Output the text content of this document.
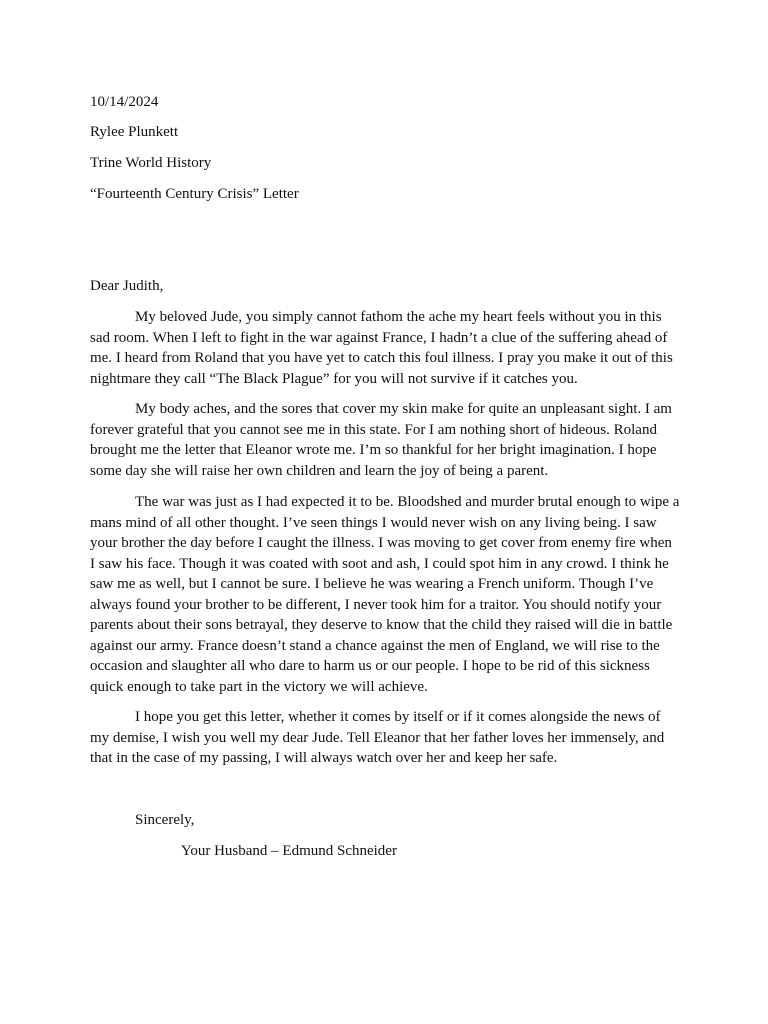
10/14/2024

Rylee Plunkett

Trine World History

“Fourteenth Century Crisis” Letter

Dear Judith,

My beloved Jude, you simply cannot fathom the ache my heart feels without you in this sad room. When I left to fight in the war against France, I hadn’t a clue of the suffering ahead of me. I heard from Roland that you have yet to catch this foul illness. I pray you make it out of this nightmare they call “The Black Plague” for you will not survive if it catches you.

My body aches, and the sores that cover my skin make for quite an unpleasant sight. I am forever grateful that you cannot see me in this state. For I am nothing short of hideous. Roland brought me the letter that Eleanor wrote me. I’m so thankful for her bright imagination. I hope some day she will raise her own children and learn the joy of being a parent.

The war was just as I had expected it to be. Bloodshed and murder brutal enough to wipe a mans mind of all other thought. I’ve seen things I would never wish on any living being. I saw your brother the day before I caught the illness. I was moving to get cover from enemy fire when I saw his face. Though it was coated with soot and ash, I could spot him in any crowd. I think he saw me as well, but I cannot be sure. I believe he was wearing a French uniform. Though I’ve always found your brother to be different, I never took him for a traitor. You should notify your parents about their sons betrayal, they deserve to know that the child they raised will die in battle against our army. France doesn’t stand a chance against the men of England, we will rise to the occasion and slaughter all who dare to harm us or our people. I hope to be rid of this sickness quick enough to take part in the victory we will achieve.

I hope you get this letter, whether it comes by itself or if it comes alongside the news of my demise, I wish you well my dear Jude. Tell Eleanor that her father loves her immensely, and that in the case of my passing, I will always watch over her and keep her safe.

Sincerely,

Your Husband – Edmund Schneider
